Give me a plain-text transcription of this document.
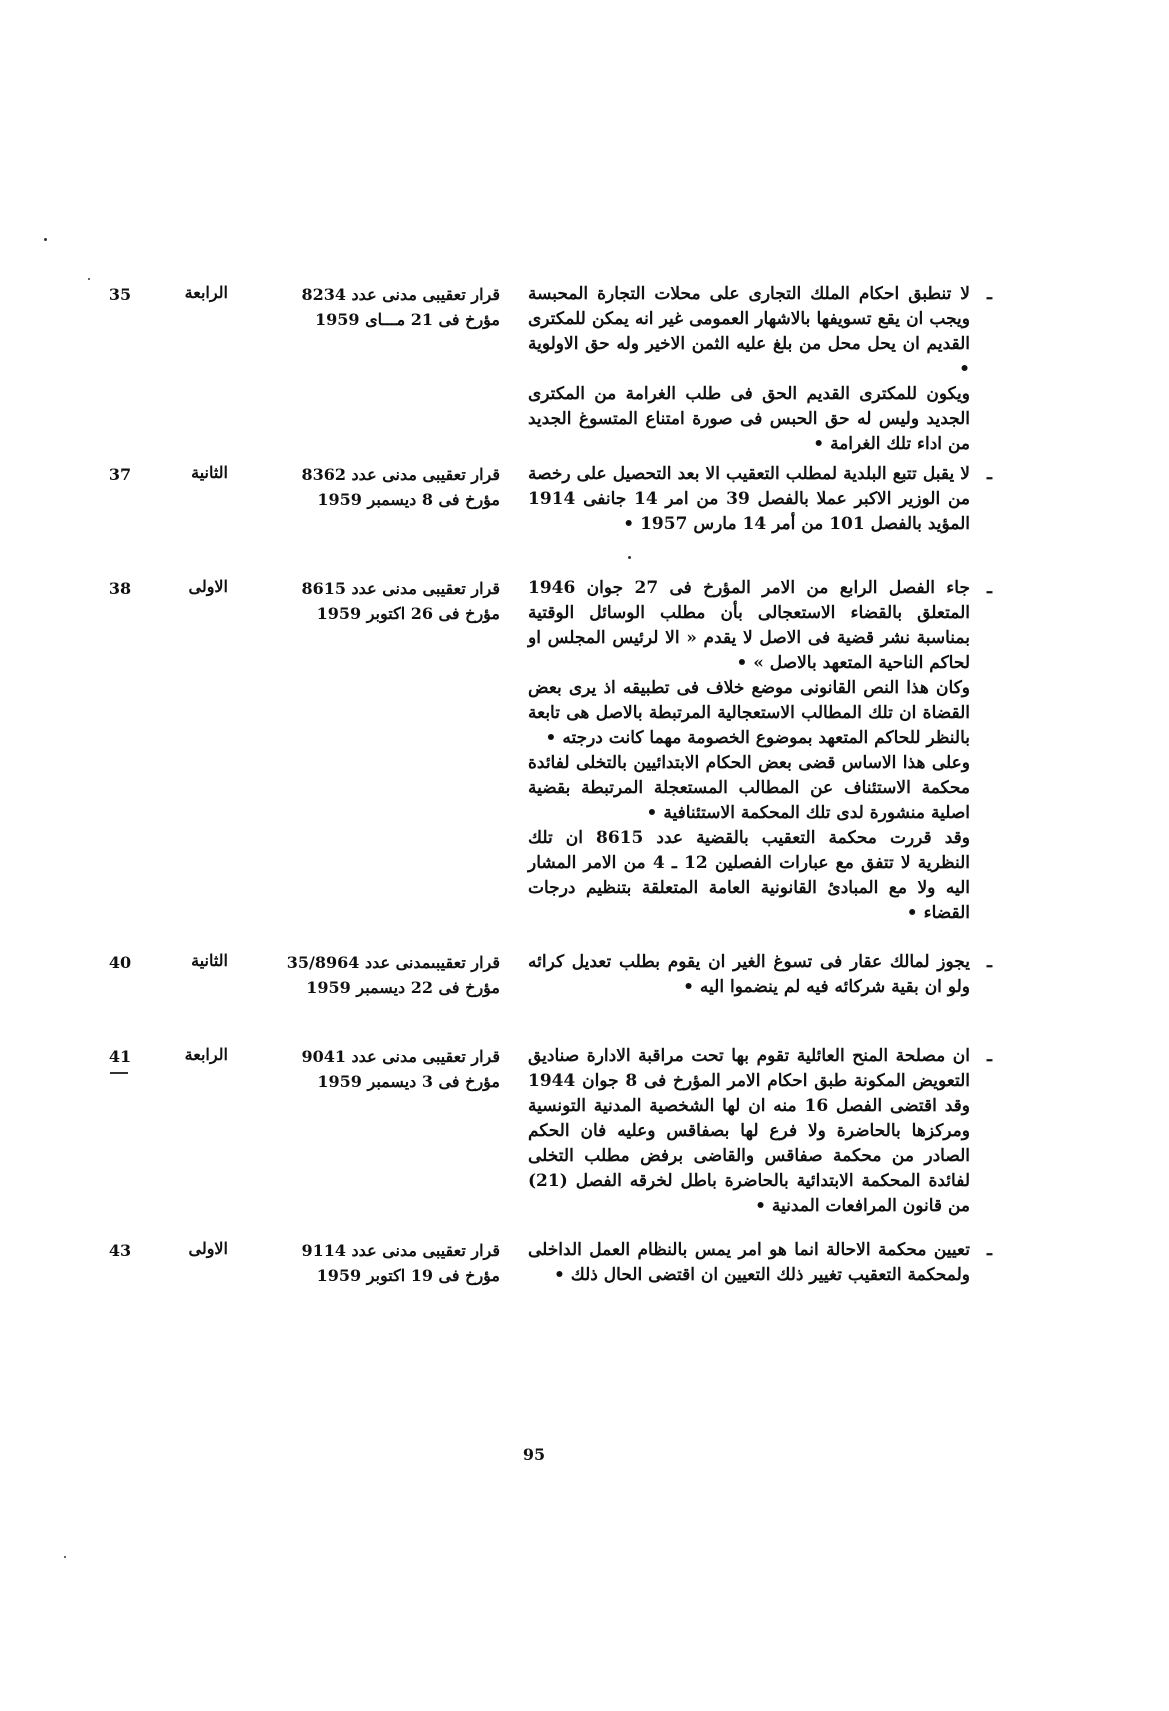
ـ

لا تنطبق احكام الملك التجارى على محلات التجارة المحبسة ويجب ان يقع تسويفها بالاشهار العمومى غير انه يمكن للمكترى القديم ان يحل محل من بلغ عليه الثمن الاخير وله حق الاولوية •

ويكون للمكترى القديم الحق فى طلب الغرامة من المكترى الجديد وليس له حق الحبس فى صورة امتناع المتسوغ الجديد من اداء تلك الغرامة •

قرار تعقيبى مدنى عدد 8234
مؤرخ فى 21 مـــاى 1959
الرابعة
35
ـ

لا يقبل تتبع البلدية لمطلب التعقيب الا بعد التحصيل على رخصة من الوزير الاكبر عملا بالفصل 39 من امر 14 جانفى 1914 المؤيد بالفصل 101 من أمر 14 مارس 1957 •

قرار تعقيبى مدنى عدد 8362
مؤرخ فى 8 ديسمبر 1959
الثانية
37
ـ

جاء الفصل الرابع من الامر المؤرخ فى 27 جوان 1946 المتعلق بالقضاء الاستعجالى بأن مطلب الوسائل الوقتية بمناسبة نشر قضية فى الاصل لا يقدم « الا لرئيس المجلس او لحاكم الناحية المتعهد بالاصل » •

وكان هذا النص القانونى موضع خلاف فى تطبيقه اذ يرى بعض القضاة ان تلك المطالب الاستعجالية المرتبطة بالاصل هى تابعة بالنظر للحاكم المتعهد بموضوع الخصومة مهما كانت درجته •

وعلى هذا الاساس قضى بعض الحكام الابتدائيين بالتخلى لفائدة محكمة الاستئناف عن المطالب المستعجلة المرتبطة بقضية اصلية منشورة لدى تلك المحكمة الاستئنافية •

وقد قررت محكمة التعقيب بالقضية عدد 8615 ان تلك النظرية لا تتفق مع عبارات الفصلين 12 ـ 4 من الامر المشار اليه ولا مع المبادئ القانونية العامة المتعلقة بتنظيم درجات القضاء •

قرار تعقيبى مدنى عدد 8615
مؤرخ فى 26 اكتوبر 1959
الاولى
38
ـ

يجوز لمالك عقار فى تسوغ الغير ان يقوم بطلب تعديل كرائه ولو ان بقية شركائه فيه لم ينضموا اليه •

قرار تعقيبىمدنى عدد 35/8964
مؤرخ فى 22 ديسمبر 1959
الثانية
40
ـ

ان مصلحة المنح العائلية تقوم بها تحت مراقبة الادارة صناديق التعويض المكونة طبق احكام الامر المؤرخ فى 8 جوان 1944 وقد اقتضى الفصل 16 منه ان لها الشخصية المدنية التونسية ومركزها بالحاضرة ولا فرع لها بصفاقس وعليه فان الحكم الصادر من محكمة صفاقس والقاضى برفض مطلب التخلى لفائدة المحكمة الابتدائية بالحاضرة باطل لخرقه الفصل (21) من قانون المرافعات المدنية •

قرار تعقيبى مدنى عدد 9041
مؤرخ فى 3 ديسمبر 1959
الرابعة
41
ـ

تعيين محكمة الاحالة انما هو امر يمس بالنظام العمل الداخلى ولمحكمة التعقيب تغيير ذلك التعيين ان اقتضى الحال ذلك •

قرار تعقيبى مدنى عدد 9114
مؤرخ فى 19 اكتوبر 1959
الاولى
43
95
